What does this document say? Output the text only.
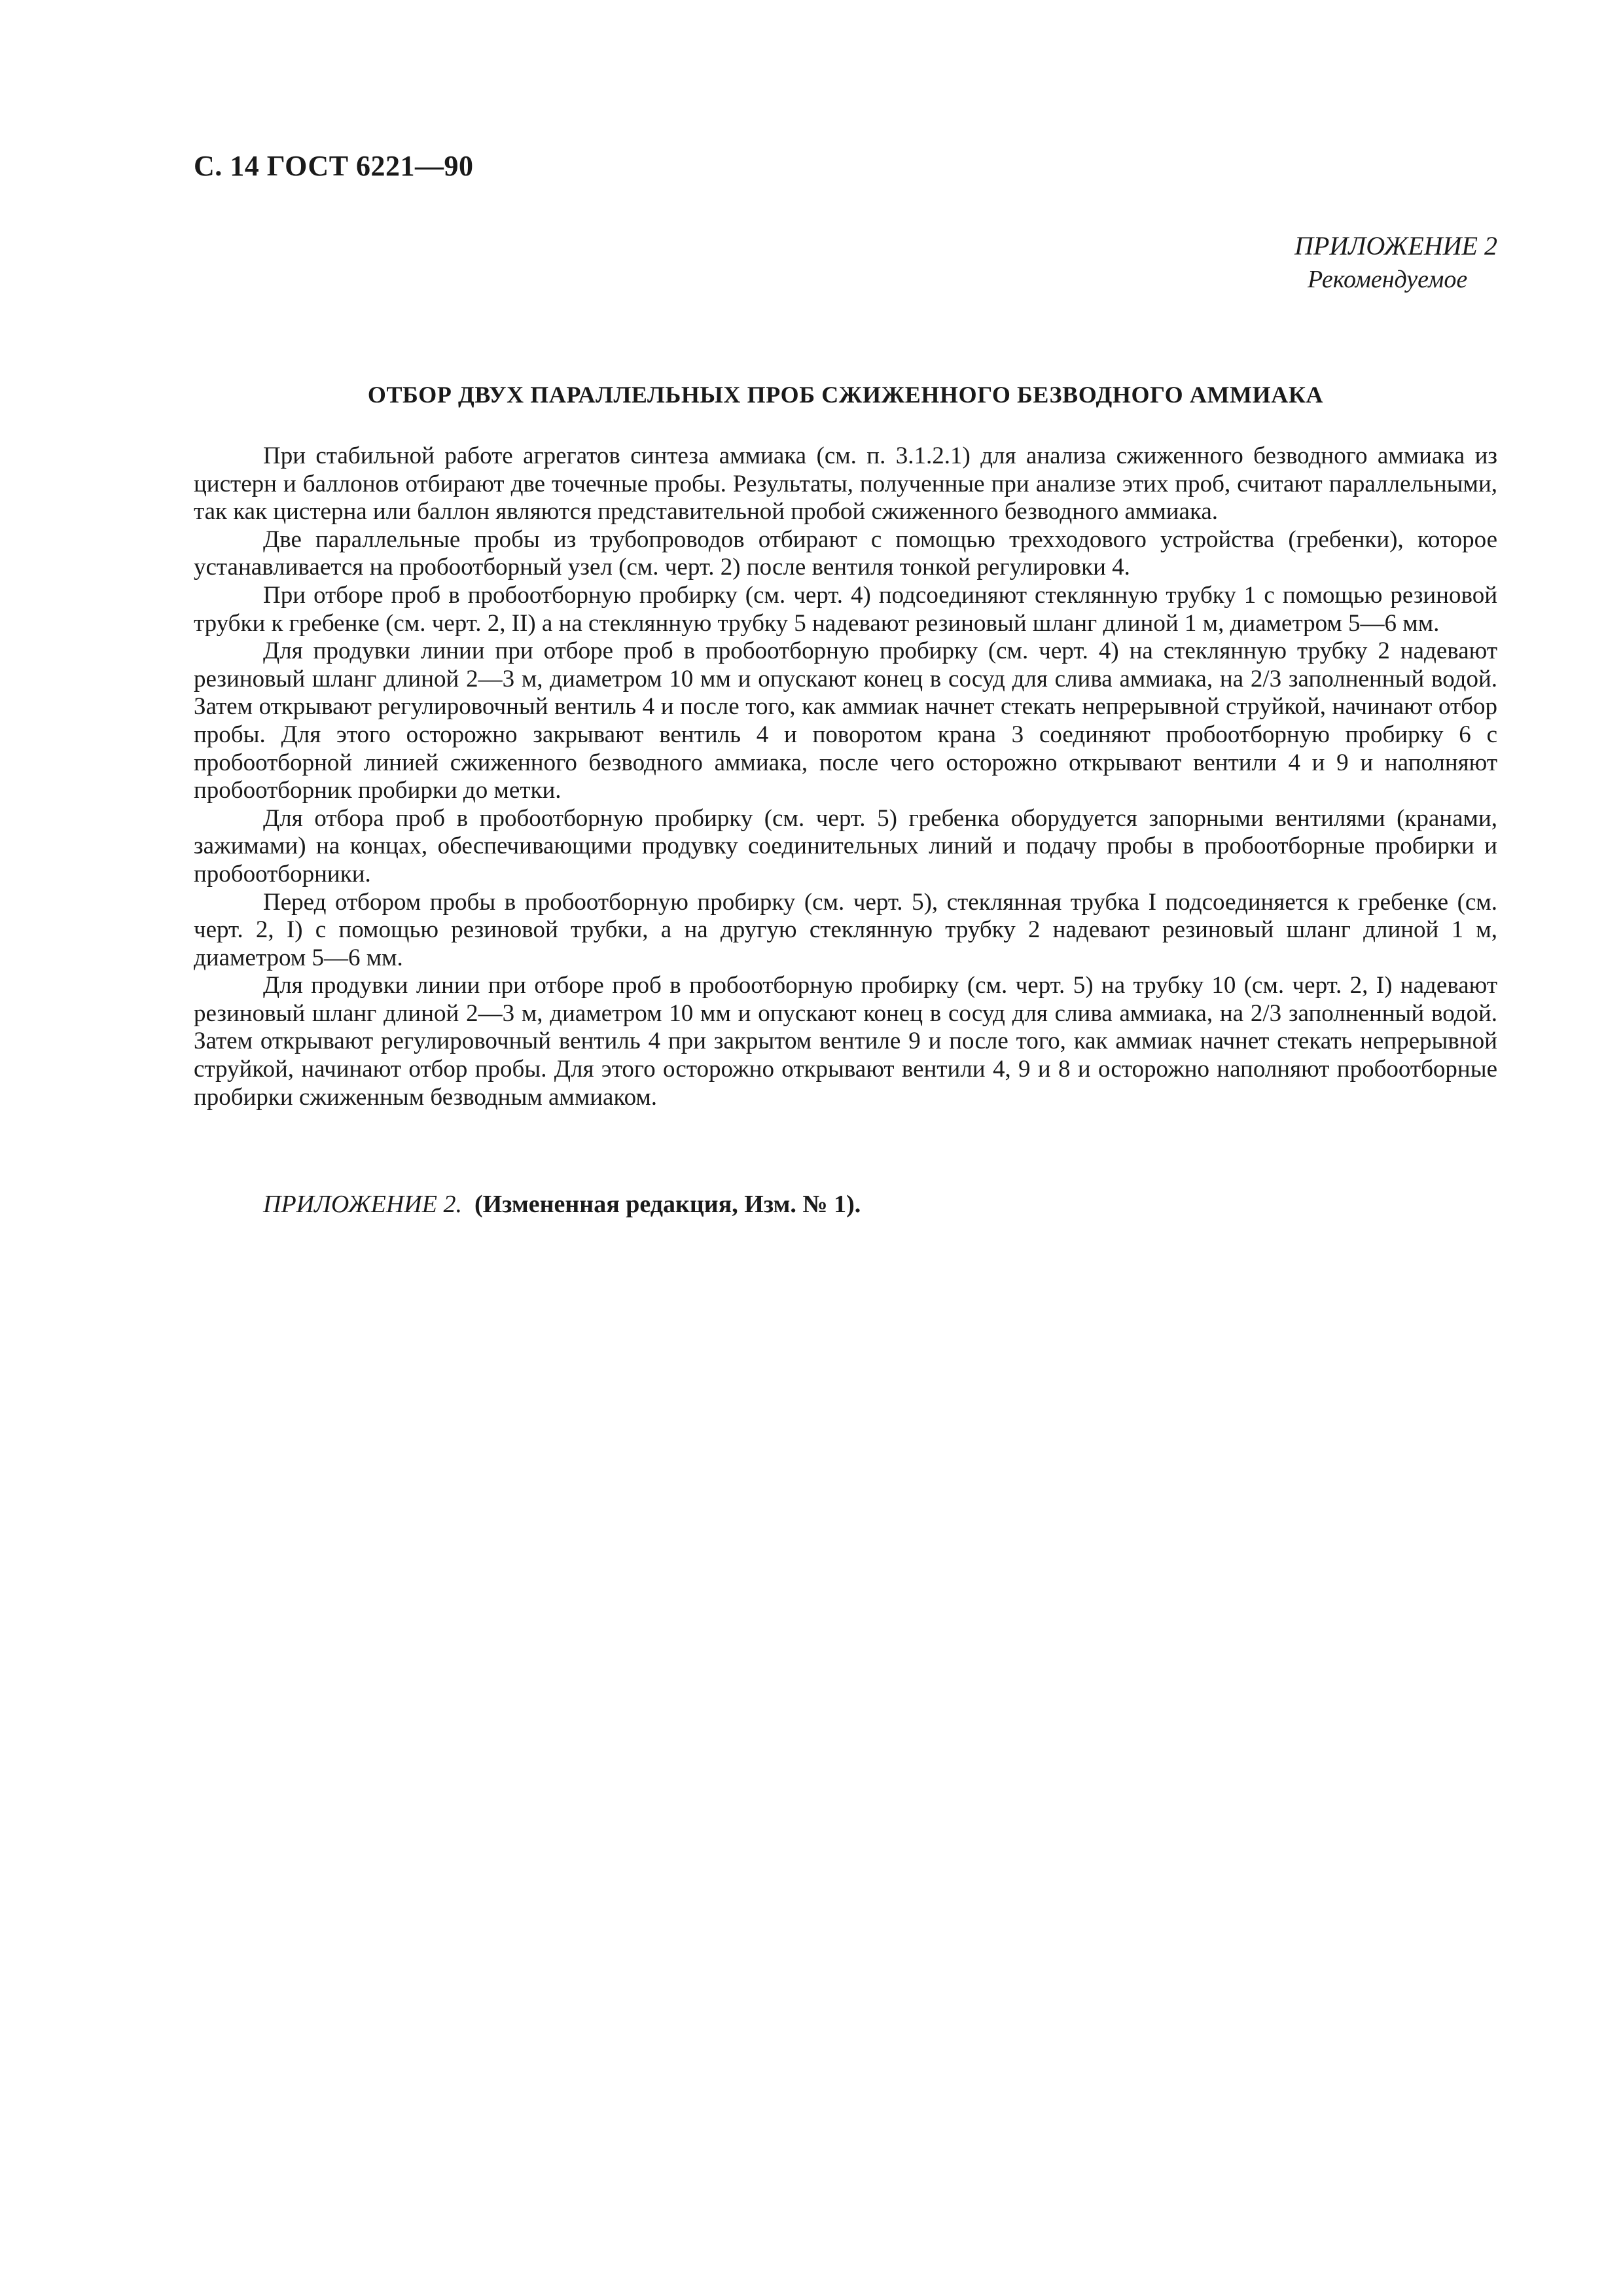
С. 14 ГОСТ 6221—90
ПРИЛОЖЕНИЕ 2
Рекомендуемое
ОТБОР ДВУХ ПАРАЛЛЕЛЬНЫХ ПРОБ СЖИЖЕННОГО БЕЗВОДНОГО АММИАКА

При стабильной работе агрегатов синтеза аммиака (см. п. 3.1.2.1) для анализа сжиженного безводного аммиака из цистерн и баллонов отбирают две точечные пробы. Результаты, полученные при анализе этих проб, считают параллельными, так как цистерна или баллон являются представительной пробой сжиженного безводного аммиака.

Две параллельные пробы из трубопроводов отбирают с помощью трехходового устройства (гребенки), которое устанавливается на пробоотборный узел (см. черт. 2) после вентиля тонкой регулировки 4.

При отборе проб в пробоотборную пробирку (см. черт. 4) подсоединяют стеклянную трубку 1 с помощью резиновой трубки к гребенке (см. черт. 2, II) а на стеклянную трубку 5 надевают резиновый шланг длиной 1 м, диаметром 5—6 мм.

Для продувки линии при отборе проб в пробоотборную пробирку (см. черт. 4) на стеклянную трубку 2 надевают резиновый шланг длиной 2—3 м, диаметром 10 мм и опускают конец в сосуд для слива аммиака, на 2/3 заполненный водой. Затем открывают регулировочный вентиль 4 и после того, как аммиак начнет стекать непрерывной струйкой, начинают отбор пробы. Для этого осторожно закрывают вентиль 4 и поворотом крана 3 соединяют пробоотборную пробирку 6 с пробоотборной линией сжиженного безводного аммиака, после чего осторожно открывают вентили 4 и 9 и наполняют пробоотборник пробирки до метки.

Для отбора проб в пробоотборную пробирку (см. черт. 5) гребенка оборудуется запорными вентилями (кранами, зажимами) на концах, обеспечивающими продувку соединительных линий и подачу пробы в пробоотборные пробирки и пробоотборники.

Перед отбором пробы в пробоотборную пробирку (см. черт. 5), стеклянная трубка I подсоединяется к гребенке (см. черт. 2, I) с помощью резиновой трубки, а на другую стеклянную трубку 2 надевают резиновый шланг длиной 1 м, диаметром 5—6 мм.

Для продувки линии при отборе проб в пробоотборную пробирку (см. черт. 5) на трубку 10 (см. черт. 2, I) надевают резиновый шланг длиной 2—3 м, диаметром 10 мм и опускают конец в сосуд для слива аммиака, на 2/3 заполненный водой. Затем открывают регулировочный вентиль 4 при закрытом вентиле 9 и после того, как аммиак начнет стекать непрерывной струйкой, начинают отбор пробы. Для этого осторожно открывают вентили 4, 9 и 8 и осторожно наполняют пробоотборные пробирки сжиженным безводным аммиаком.

ПРИЛОЖЕНИЕ 2. (Измененная редакция, Изм. № 1).
